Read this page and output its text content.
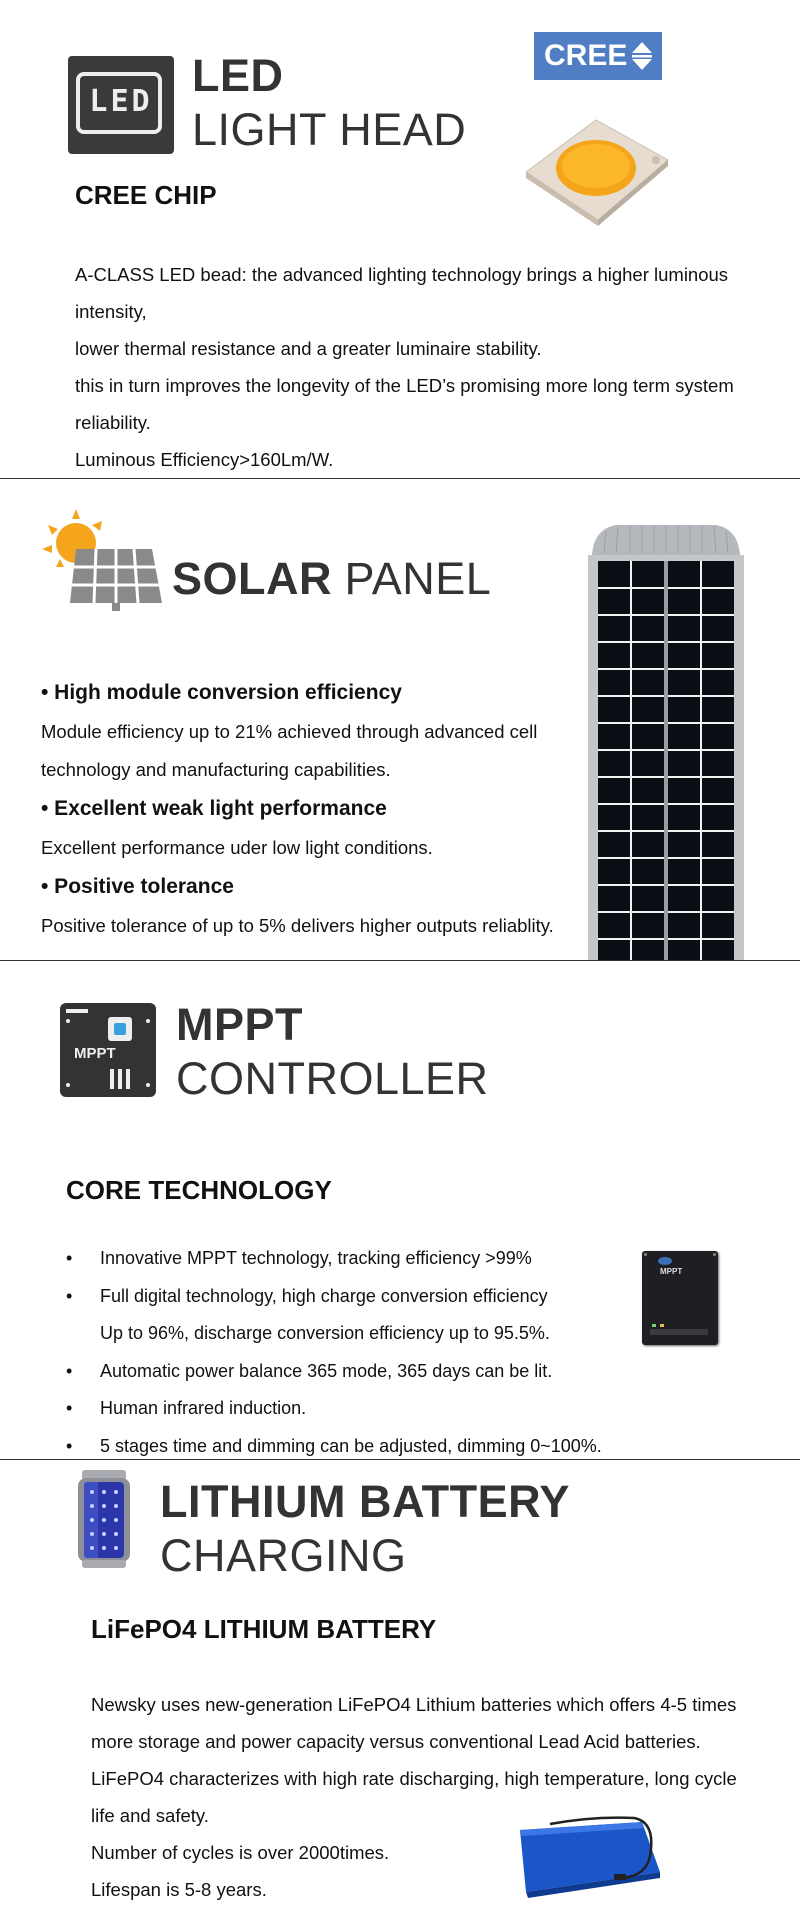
LED
LED
LIGHT HEAD
CREE
CREE CHIP

A-CLASS LED bead: the advanced lighting technology brings a higher luminous

intensity,

lower thermal resistance and a greater luminaire stability.

this in turn improves the longevity of the LED’s promising more long term system

reliability.

Luminous Efficiency>160Lm/W.

SOLAR PANEL
• High module conversion efficiency
Module efficiency up to 21% achieved through advanced cell
technology and manufacturing capabilities.
• Excellent weak light performance
Excellent performance uder low light conditions.
• Positive tolerance
Positive tolerance of up to 5% delivers higher outputs reliablity.
MPPT
MPPT
CONTROLLER
CORE TECHNOLOGY
MPPT
• Innovative MPPT technology, tracking efficiency >99%
• Full digital technology, high charge conversion efficiency
Up to 96%, discharge conversion efficiency up to 95.5%.
• Automatic power balance 365 mode, 365 days can be lit.
• Human infrared induction.
• 5 stages time and dimming can be adjusted, dimming 0~100%.
LITHIUM BATTERY
CHARGING
LiFePO4 LITHIUM BATTERY

Newsky uses new-generation LiFePO4 Lithium batteries which offers 4-5 times

more storage and power capacity versus conventional Lead Acid batteries.

LiFePO4 characterizes with high rate discharging, high temperature, long cycle

life and safety.

Number of cycles is over 2000times.

Lifespan is 5-8 years.
